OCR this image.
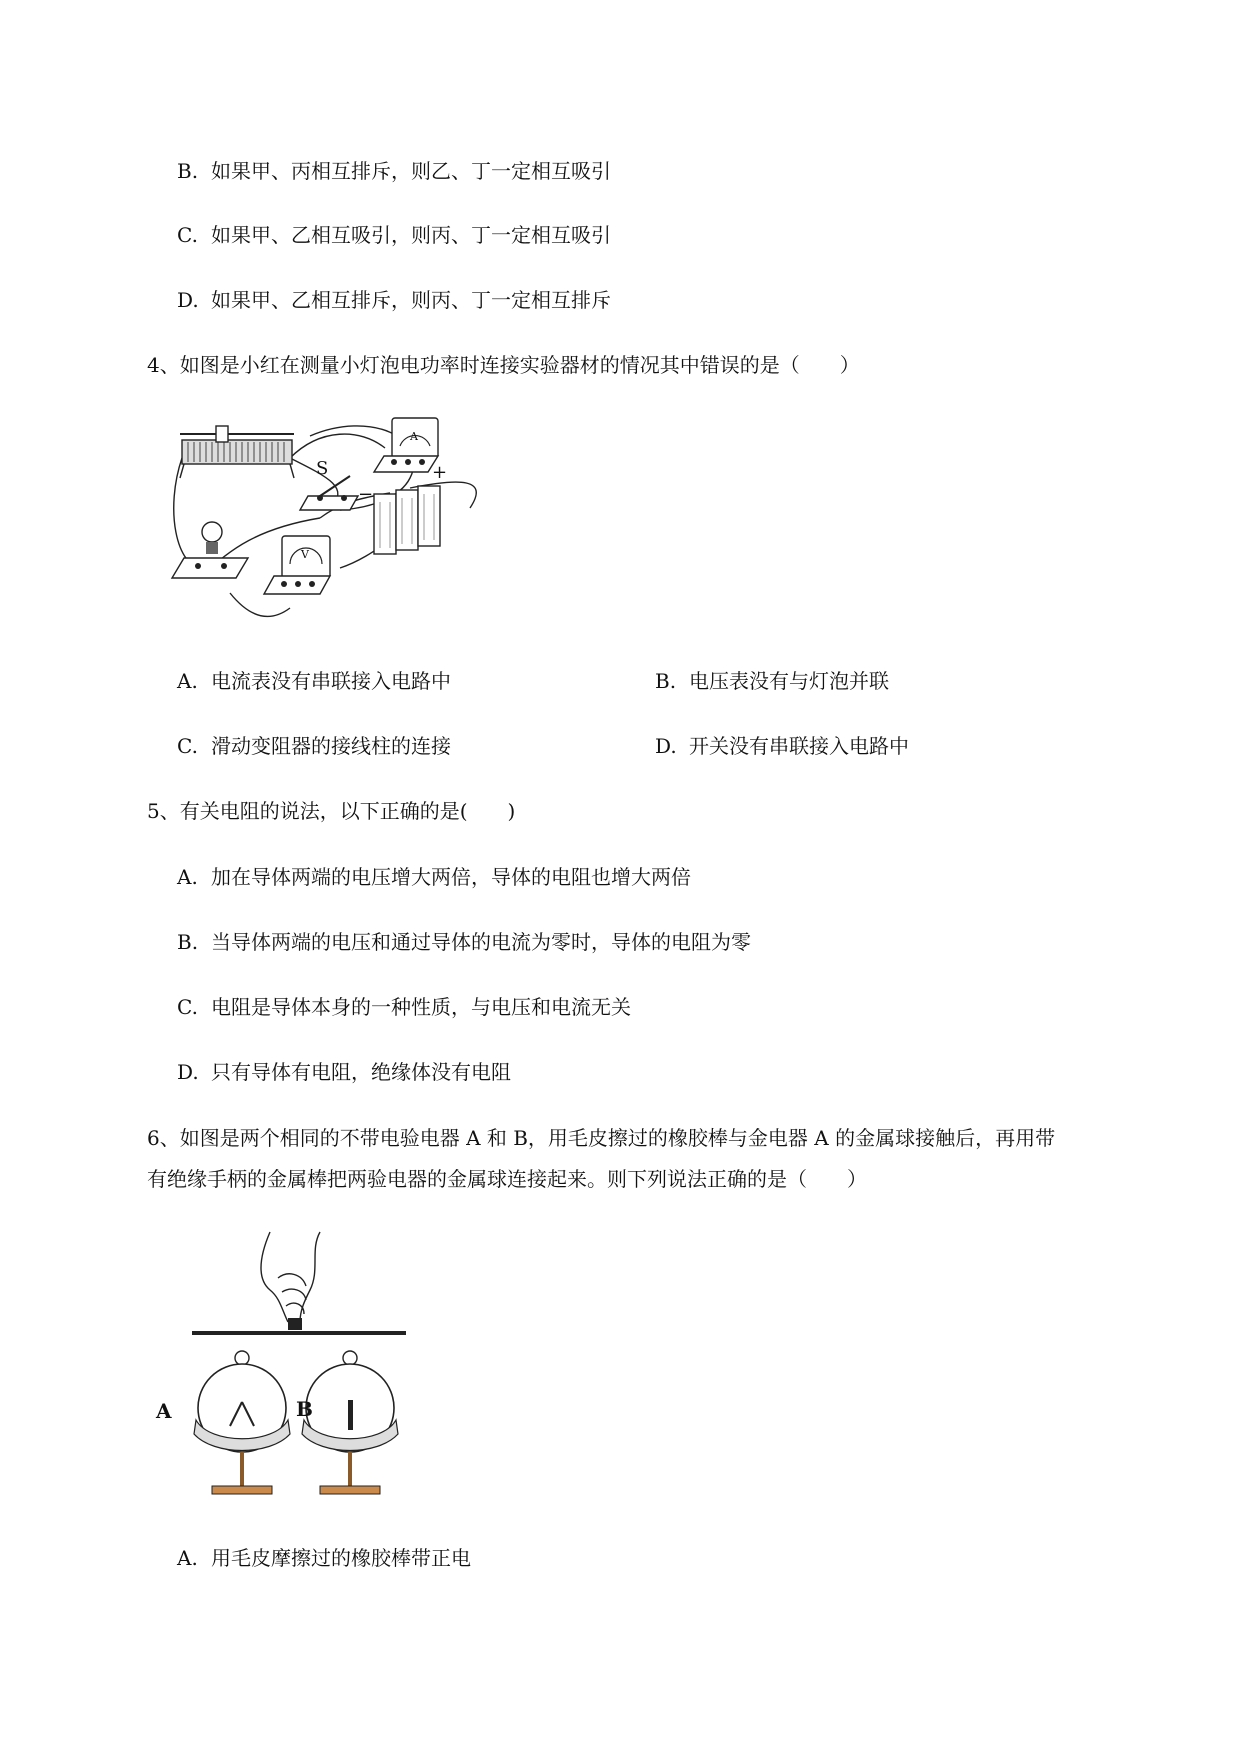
B. 如果甲、丙相互排斥，则乙、丁一定相互吸引
C. 如果甲、乙相互吸引，则丙、丁一定相互吸引
D. 如果甲、乙相互排斥，则丙、丁一定相互排斥
4、如图是小红在测量小灯泡电功率时连接实验器材的情况其中错误的是（　　）
S
A
V
+
−
A. 电流表没有串联接入电路中	B. 电压表没有与灯泡并联
C. 滑动变阻器的接线柱的连接	D. 开关没有串联接入电路中
5、有关电阻的说法，以下正确的是(　　)
A. 加在导体两端的电压增大两倍，导体的电阻也增大两倍
B. 当导体两端的电压和通过导体的电流为零时，导体的电阻为零
C. 电阻是导体本身的一种性质，与电压和电流无关
D. 只有导体有电阻，绝缘体没有电阻
6、如图是两个相同的不带电验电器 A 和 B，用毛皮擦过的橡胶棒与金电器 A 的金属球接触后，再用带
有绝缘手柄的金属棒把两验电器的金属球连接起来。则下列说法正确的是（　　）
A	B
A. 用毛皮摩擦过的橡胶棒带正电
